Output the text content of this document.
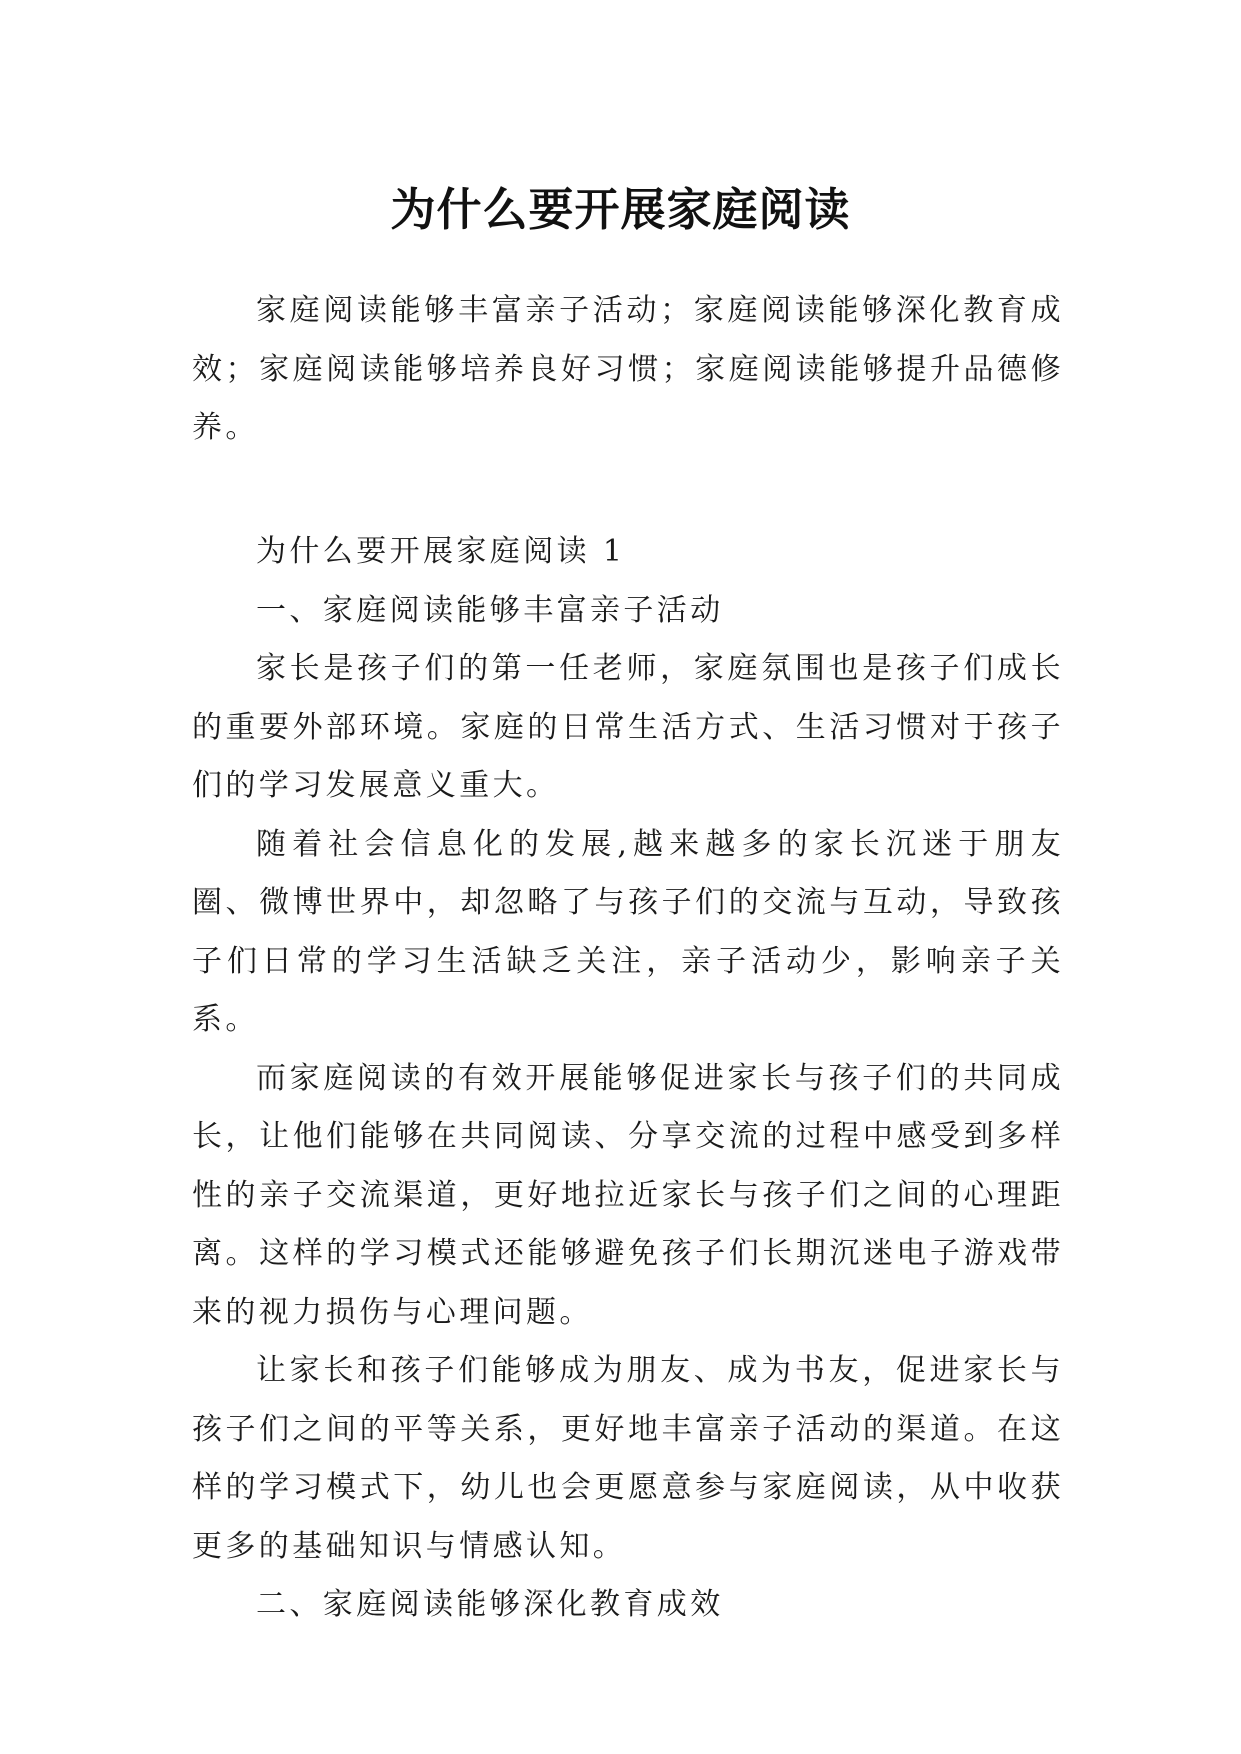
为什么要开展家庭阅读

家庭阅读能够丰富亲子活动；家庭阅读能够深化教育成效；家庭阅读能够培养良好习惯；家庭阅读能够提升品德修养。

为什么要开展家庭阅读 1

一、家庭阅读能够丰富亲子活动

家长是孩子们的第一任老师，家庭氛围也是孩子们成长的重要外部环境。家庭的日常生活方式、生活习惯对于孩子们的学习发展意义重大。

随着社会信息化的发展,越来越多的家长沉迷于朋友圈、微博世界中，却忽略了与孩子们的交流与互动，导致孩子们日常的学习生活缺乏关注，亲子活动少，影响亲子关系。

而家庭阅读的有效开展能够促进家长与孩子们的共同成长，让他们能够在共同阅读、分享交流的过程中感受到多样性的亲子交流渠道，更好地拉近家长与孩子们之间的心理距离。这样的学习模式还能够避免孩子们长期沉迷电子游戏带来的视力损伤与心理问题。

让家长和孩子们能够成为朋友、成为书友，促进家长与孩子们之间的平等关系，更好地丰富亲子活动的渠道。在这样的学习模式下，幼儿也会更愿意参与家庭阅读，从中收获更多的基础知识与情感认知。

二、家庭阅读能够深化教育成效
